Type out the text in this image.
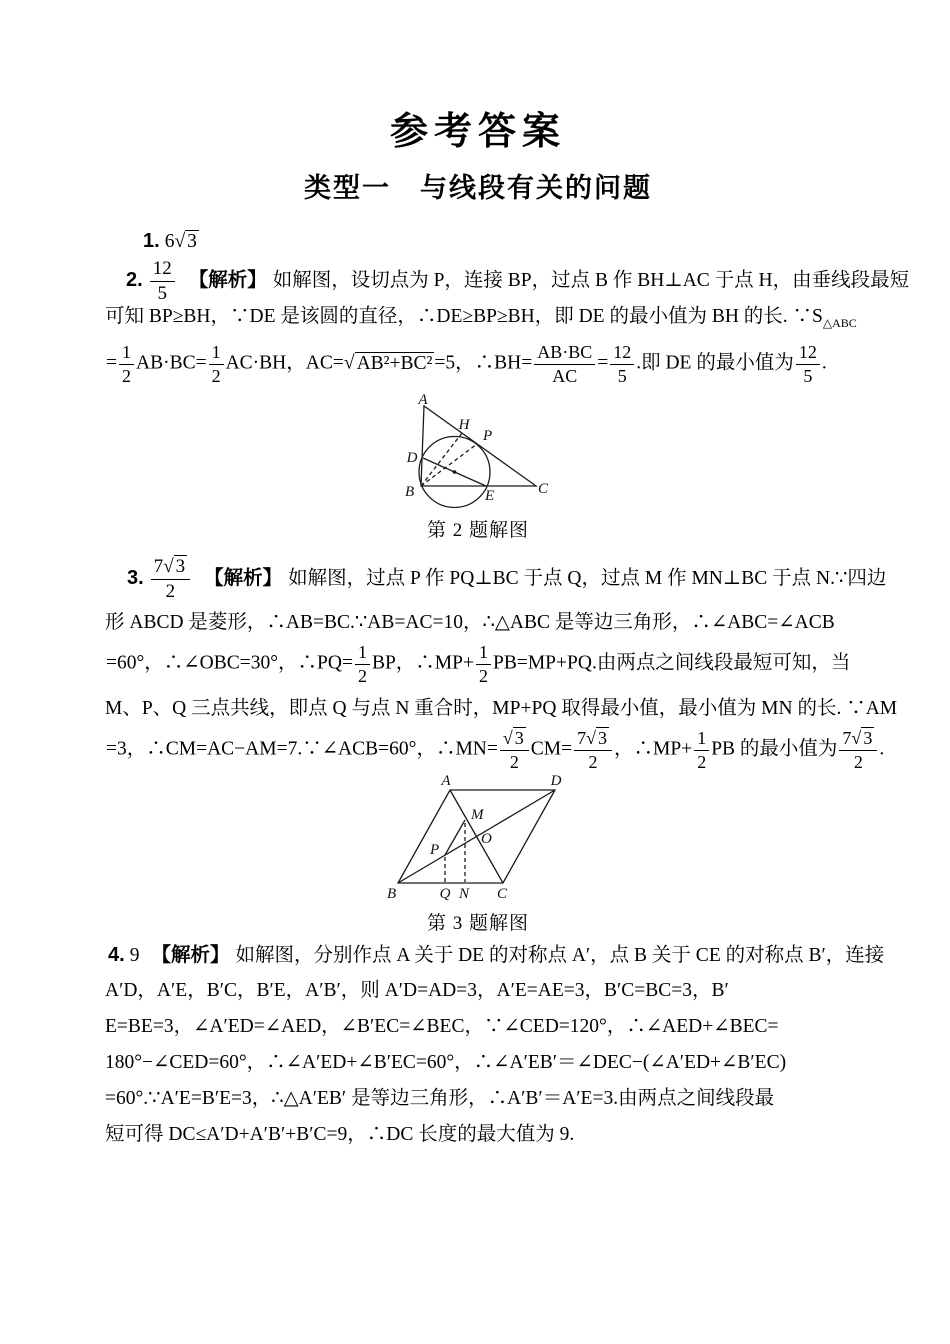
参考答案
类型一　与线段有关的问题
1. 6√ 3
2. $\frac{12}{5}$ 【解析】 如解图，设切点为 P，连接 BP，过点 B 作 BH⊥AC 于点 H，由垂线段最短
可知 BP≥BH，∵DE 是该圆的直径，∴DE≥BP≥BH，即 DE 的最小值为 BH 的长. $\because S_{\triangle ABC}$
= $\frac{1}{2} AB\cdot BC= \frac{1}{2} AC\cdot BH$，AC=√ AB²+BC² =5，∴BH= $\frac{AB\cdot BC}{AC} = \frac{12}{5}$ .即 DE 的最小值为 $\frac{12}{5}$ .
A
H
P
D
B	E	C
第 2 题解图
3. $\frac{7√ 3}{2}$ 【解析】 如解图，过点 P 作 PQ⊥BC 于点 Q，过点 M 作 MN⊥BC 于点 N.∵四边
形 ABCD 是菱形，∴AB=BC.∵AB=AC=10，∴△ABC 是等边三角形，∴∠ABC=∠ACB
=60°，∴∠OBC=30°，∴PQ= $\frac{1}{2}$ BP，∴MP+ $\frac{1}{2} PB=MP+PQ$.由两点之间线段最短可知，当
M、P、Q 三点共线，即点 Q 与点 N 重合时，MP+PQ 取得最小值，最小值为 MN 的长. ∵AM
=3，∴CM=AC−AM=7.∵∠ACB=60°，∴MN= $\frac{√ 3}{2} CM= \frac{7√ 3}{2}$ ，∴MP+ $\frac{1}{2}$ PB 的最小值为 $\frac{7√ 3}{2}$ .
A	D
M
O
P
B	Q N C
第 3 题解图
4. 9 【解析】 如解图，分别作点 A 关于 DE 的对称点 A′，点 B 关于 CE 的对称点 B′，连接
A′D，A′E，B′C，B′E，A′B′，则 A′D=AD=3，A′E=AE=3，B′C=BC=3，B′
E=BE=3，∠A′ED=∠AED，∠B′EC=∠BEC，∵∠CED=120°，∴∠AED+∠BEC=
180°−∠CED=60°，∴∠A′ED+∠B′EC=60°，∴∠A′EB′＝∠DEC−(∠A′ED+∠B′EC)
=60°.∵A′E=B′E=3，∴△A′EB′ 是等边三角形，∴A′B′＝A′E=3.由两点之间线段最
短可得 DC≤A′D+A′B′+B′C=9，∴DC 长度的最大值为 9.
